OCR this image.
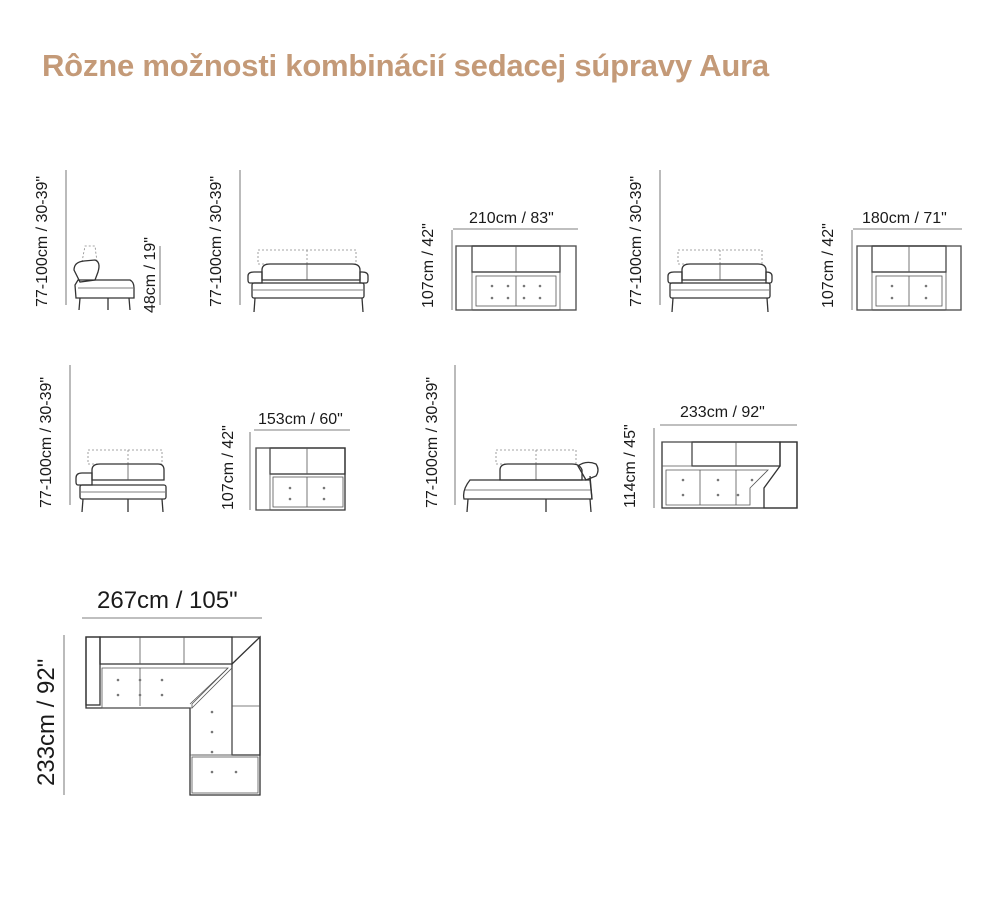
Rôzne možnosti kombinácií sedacej súpravy Aura
77-100cm / 30-39"	48cm / 19"	77-100cm / 30-39"	107cm / 42"
210cm / 83"	77-100cm / 30-39"	107cm / 42"
180cm / 71"
77-100cm / 30-39"	107cm / 42"
153cm / 60"	77-100cm / 30-39"	114cm / 45"
233cm / 92"
267cm / 105"
233cm / 92"
